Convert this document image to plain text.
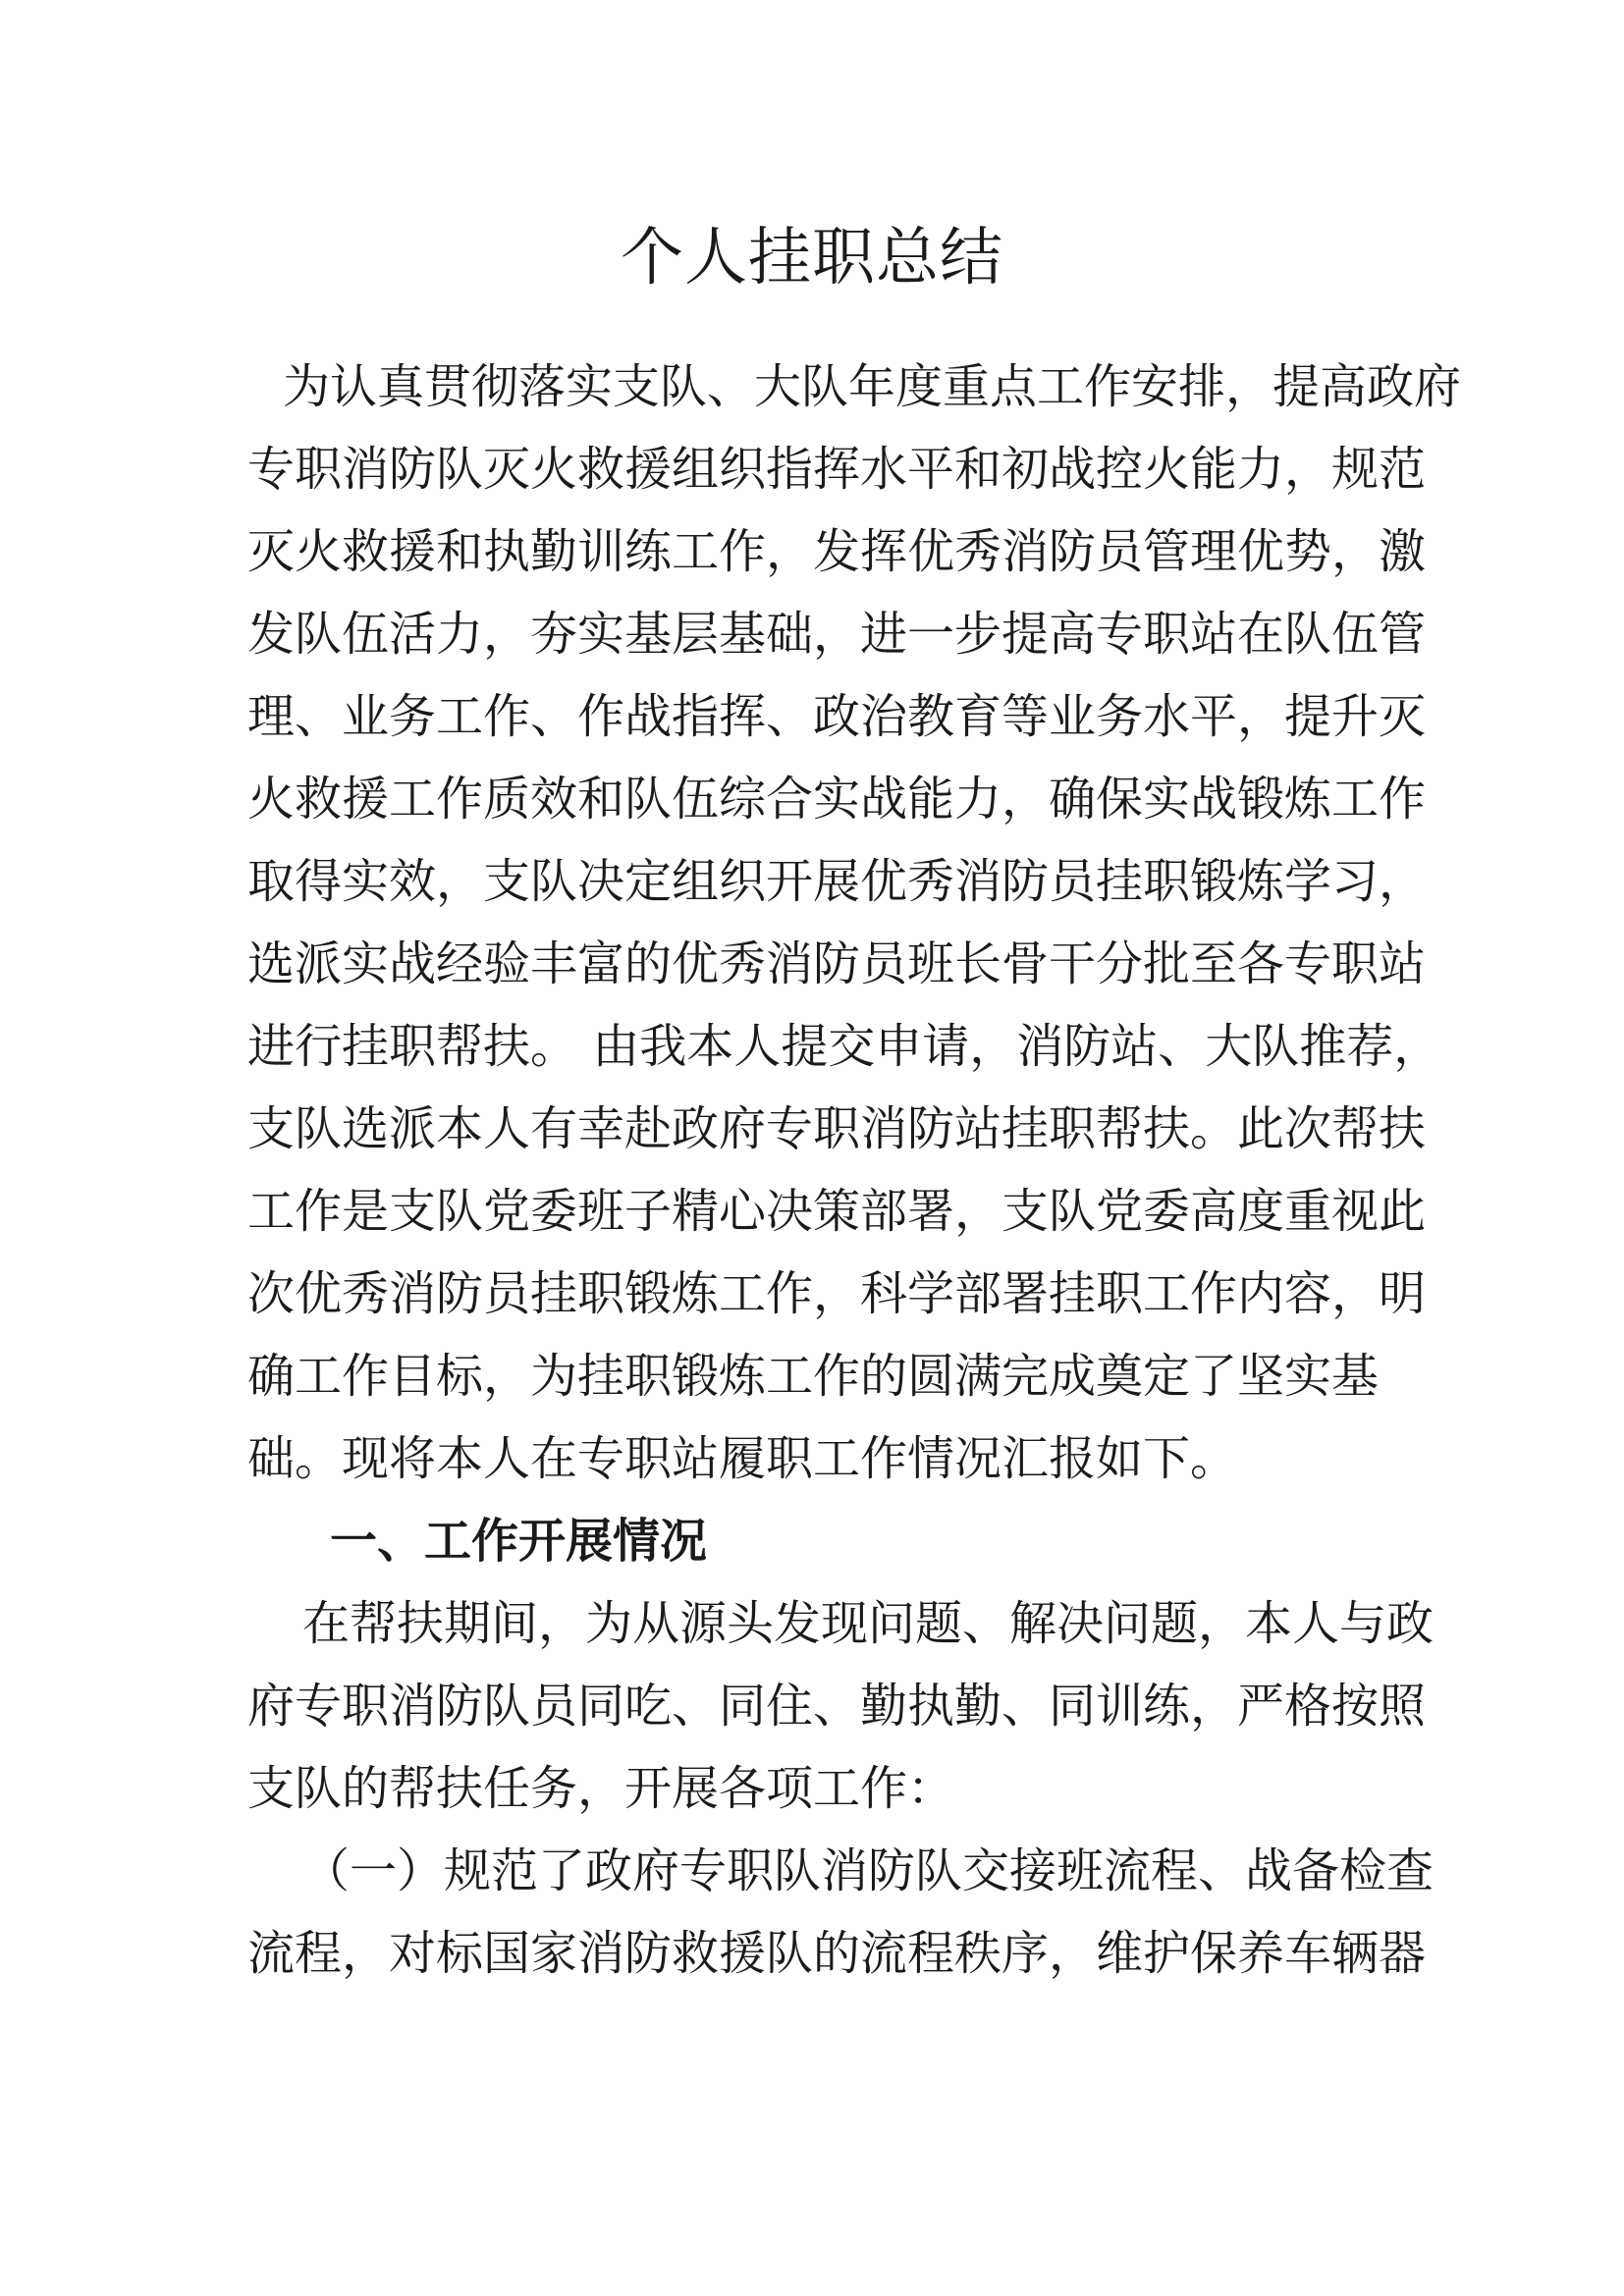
个人挂职总结
为认真贯彻落实支队、大队年度重点工作安排，提高政府
专职消防队灭火救援组织指挥水平和初战控火能力，规范
灭火救援和执勤训练工作，发挥优秀消防员管理优势，激
发队伍活力，夯实基层基础，进一步提高专职站在队伍管
理、业务工作、作战指挥、政治教育等业务水平，提升灭
火救援工作质效和队伍综合实战能力，确保实战锻炼工作
取得实效，支队决定组织开展优秀消防员挂职锻炼学习，
选派实战经验丰富的优秀消防员班长骨干分批至各专职站
进行挂职帮扶。 由我本人提交申请，消防站、大队推荐，
支队选派本人有幸赴政府专职消防站挂职帮扶。此次帮扶
工作是支队党委班子精心决策部署，支队党委高度重视此
次优秀消防员挂职锻炼工作，科学部署挂职工作内容，明
确工作目标，为挂职锻炼工作的圆满完成奠定了坚实基
础。现将本人在专职站履职工作情况汇报如下。
一、工作开展情况
在帮扶期间，为从源头发现问题、解决问题，本人与政
府专职消防队员同吃、同住、勤执勤、同训练，严格按照
支队的帮扶任务，开展各项工作：
（一）规范了政府专职队消防队交接班流程、战备检查
流程，对标国家消防救援队的流程秩序，维护保养车辆器
